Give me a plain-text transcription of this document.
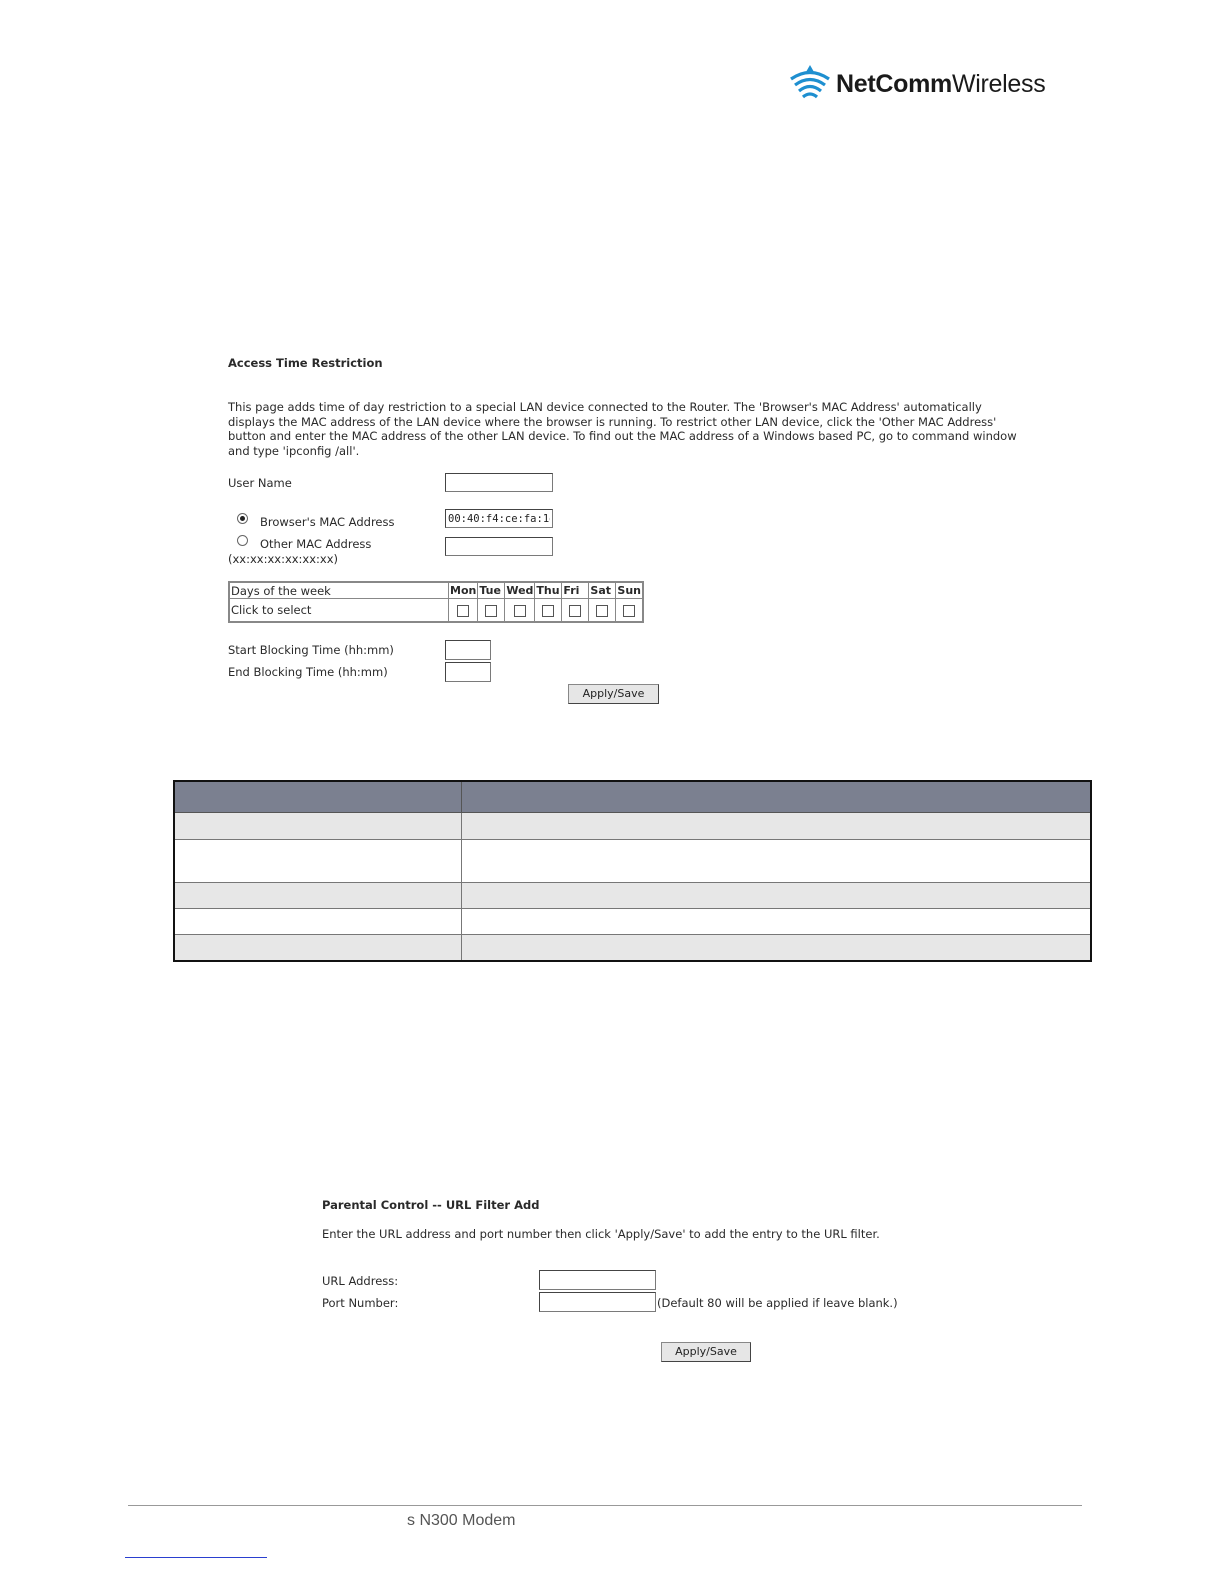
NetCommWireless
Access Time Restriction
This page adds time of day restriction to a special LAN device connected to the Router. The 'Browser's MAC Address' automatically displays the MAC address of the LAN device where the browser is running. To restrict other LAN device, click the 'Other MAC Address' button and enter the MAC address of the other LAN device. To find out the MAC address of a Windows based PC, go to command window and type 'ipconfig /all'.
User Name
Browser's MAC Address
00:40:f4:ce:fa:1e
Other MAC Address
(xx:xx:xx:xx:xx:xx)
Days of the week	Mon	Tue	Wed	Thu	Fri	Sat	Sun
Click to select							
Start Blocking Time (hh:mm)
End Blocking Time (hh:mm)
Apply/Save

Parental Control -- URL Filter Add
Enter the URL address and port number then click 'Apply/Save' to add the entry to the URL filter.
URL Address:
Port Number:	(Default 80 will be applied if leave blank.)
Apply/Save
s N300 Modem
